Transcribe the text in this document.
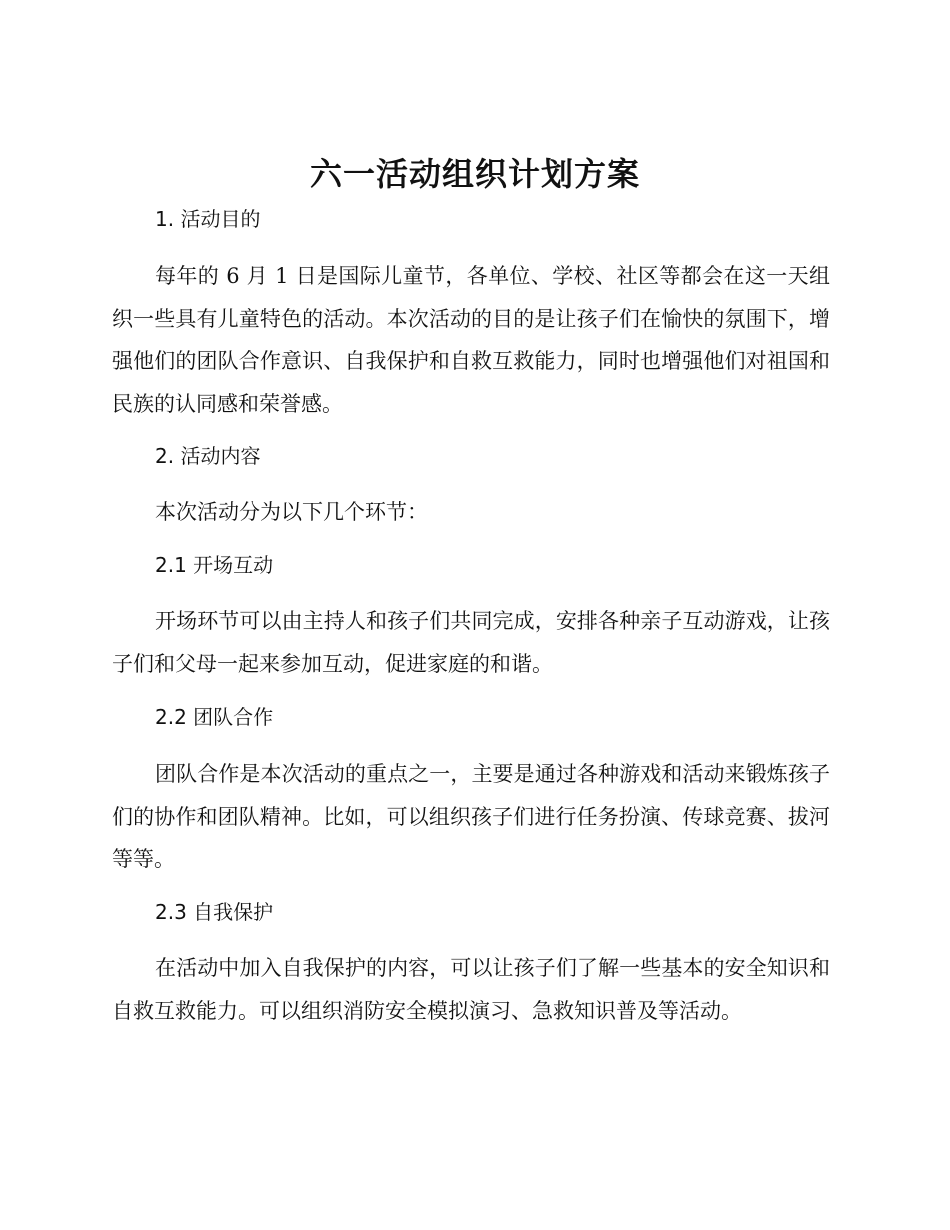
六一活动组织计划方案
1. 活动目的
每年的 6 月 1 日是国际儿童节，各单位、学校、社区等都会在这一天组织一些具有儿童特色的活动。本次活动的目的是让孩子们在愉快的氛围下，增强他们的团队合作意识、自我保护和自救互救能力，同时也增强他们对祖国和民族的认同感和荣誉感。
2. 活动内容
本次活动分为以下几个环节：
2.1 开场互动
开场环节可以由主持人和孩子们共同完成，安排各种亲子互动游戏，让孩子们和父母一起来参加互动，促进家庭的和谐。
2.2 团队合作
团队合作是本次活动的重点之一，主要是通过各种游戏和活动来锻炼孩子们的协作和团队精神。比如，可以组织孩子们进行任务扮演、传球竞赛、拔河等等。
2.3 自我保护
在活动中加入自我保护的内容，可以让孩子们了解一些基本的安全知识和自救互救能力。可以组织消防安全模拟演习、急救知识普及等活动。
